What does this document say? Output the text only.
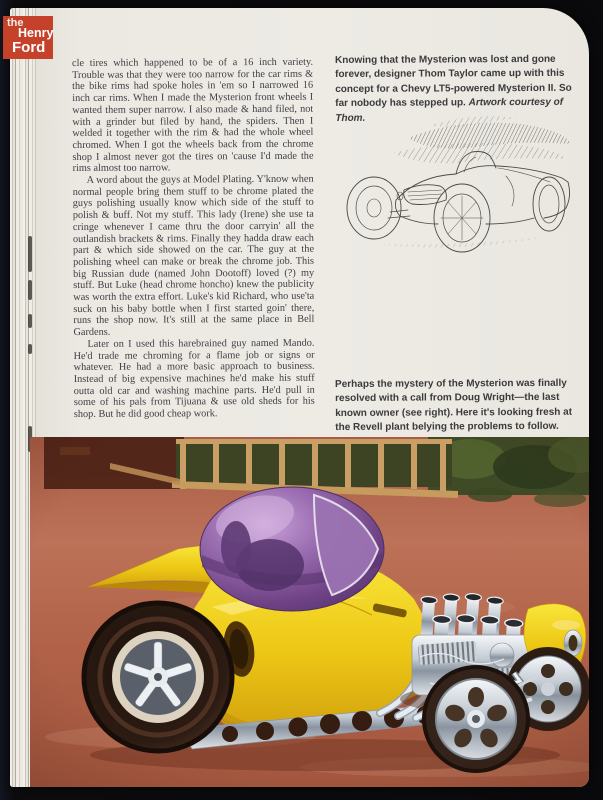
cle tires which happened to be of a 16 inch variety. Trouble was that they were too narrow for the car rims & the bike rims had spoke holes in 'em so I narrowed 16 inch car rims. When I made the Mysterion front wheels I wanted them super narrow. I also made & hand filed, not with a grinder but filed by hand, the spiders. Then I welded it together with the rim & had the whole wheel chromed. When I got the wheels back from the chrome shop I almost never got the tires on 'cause I'd made the rims almost too narrow.

A word about the guys at Model Plating. Y'know when normal people bring them stuff to be chrome plated the guys polishing usually know which side of the stuff to polish & buff. Not my stuff. This lady (Irene) she use ta cringe whenever I came thru the door carryin' all the outlandish brackets & rims. Finally they hadda draw each part & which side showed on the car. The guy at the polishing wheel can make or break the chrome job. This big Russian dude (named John Dootoff) loved (?) my stuff. But Luke (head chrome honcho) knew the publicity was worth the extra effort. Luke's kid Richard, who use'ta suck on his baby bottle when I first started goin' there, runs the shop now. It's still at the same place in Bell Gardens.

Later on I used this harebrained guy named Mando. He'd trade me chroming for a flame job or signs or whatever. He had a more basic approach to business. Instead of big expensive machines he'd make his stuff outta old car and washing machine parts. He'd pull in some of his pals from Tijuana & use old sheds for his shop. But he did good cheap work.

Knowing that the Mysterion was lost and gone forever, designer Thom Taylor came up with this concept for a Chevy LT5-powered Mysterion II. So far nobody has stepped up. Artwork courtesy of Thom.
Perhaps the mystery of the Mysterion was finally resolved with a call from Doug Wright—the last known owner (see right). Here it's looking fresh at the Revell plant belying the problems to follow.
the
Henry
Ford
